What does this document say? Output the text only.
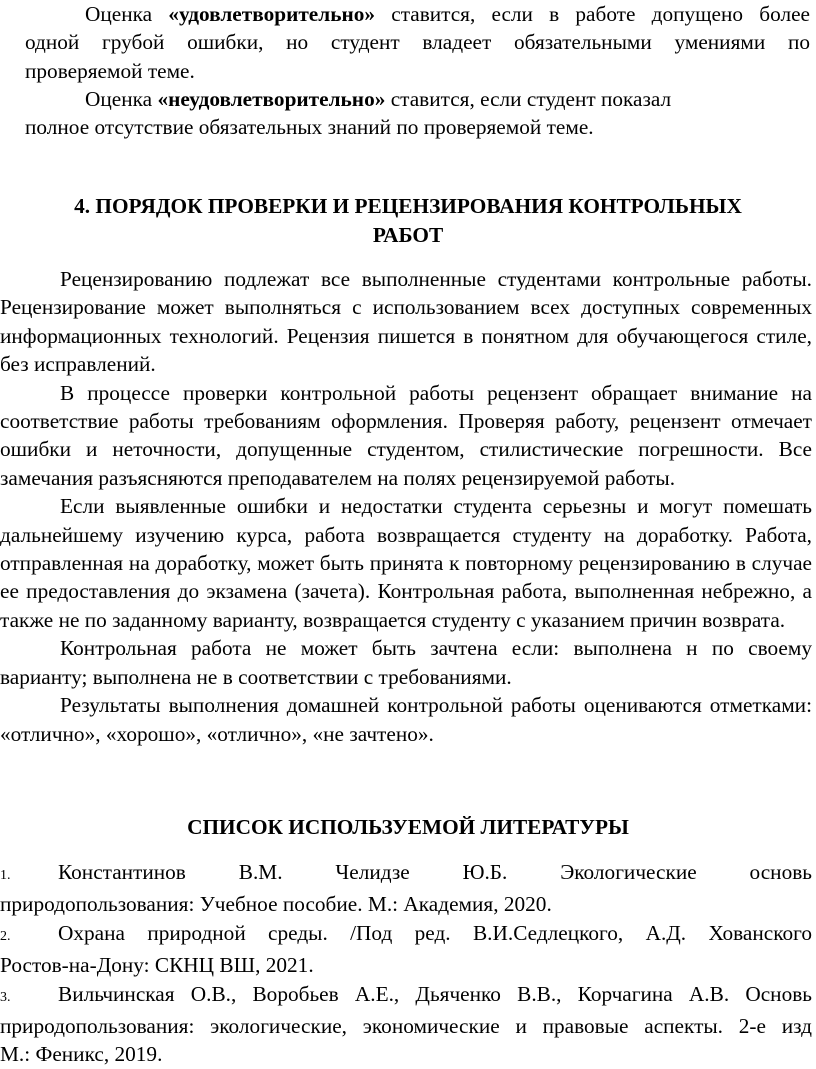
Оценка «удовлетворительно» ставится, если в работе допущено более

одной грубой ошибки, но студент владеет обязательными умениями по

проверяемой теме.

Оценка «неудовлетворительно» ставится, если студент показал

полное отсутствие обязательных знаний по проверяемой теме.

4. ПОРЯДОК ПРОВЕРКИ И РЕЦЕНЗИРОВАНИЯ КОНТРОЛЬНЫХ

РАБОТ

Рецензированию подлежат все выполненные студентами контрольные работы. Рецензирование может выполняться с использованием всех доступных современных информационных технологий. Рецензия пишется в понятном для обучающегося стиле, без исправлений.

В процессе проверки контрольной работы рецензент обращает внимание на соответствие работы требованиям оформления. Проверяя работу, рецензент отмечает ошибки и неточности, допущенные студентом, стилистические погрешности. Все замечания разъясняются преподавателем на полях рецензируемой работы.

Если выявленные ошибки и недостатки студента серьезны и могут помешать дальнейшему изучению курса, работа возвращается студенту на доработку. Работа, отправленная на доработку, может быть принята к повторному рецензированию в случае ее предоставления до экзамена (зачета). Контрольная работа, выполненная небрежно, а также не по заданному варианту, возвращается студенту с указанием причин возврата.

Контрольная работа не может быть зачтена если: выполнена н по своему варианту; выполнена не в соответствии с требованиями.

Результаты выполнения домашней контрольной работы оцениваются отметками: «отлично», «хорошо», «отлично», «не зачтено».

СПИСОК ИСПОЛЬЗУЕМОЙ ЛИТЕРАТУРЫ

1. Константинов В.М. Челидзе Ю.Б. Экологические основь

природопользования: Учебное пособие. М.: Академия, 2020.

2. Охрана природной среды. /Под ред. В.И.Седлецкого, А.Д. Хованского

Ростов-на-Дону: СКНЦ ВШ, 2021.

3. Вильчинская О.В., Воробьев А.Е., Дьяченко В.В., Корчагина А.В. Основь

природопользования: экологические, экономические и правовые аспекты. 2-е изд

М.: Феникс, 2019.
